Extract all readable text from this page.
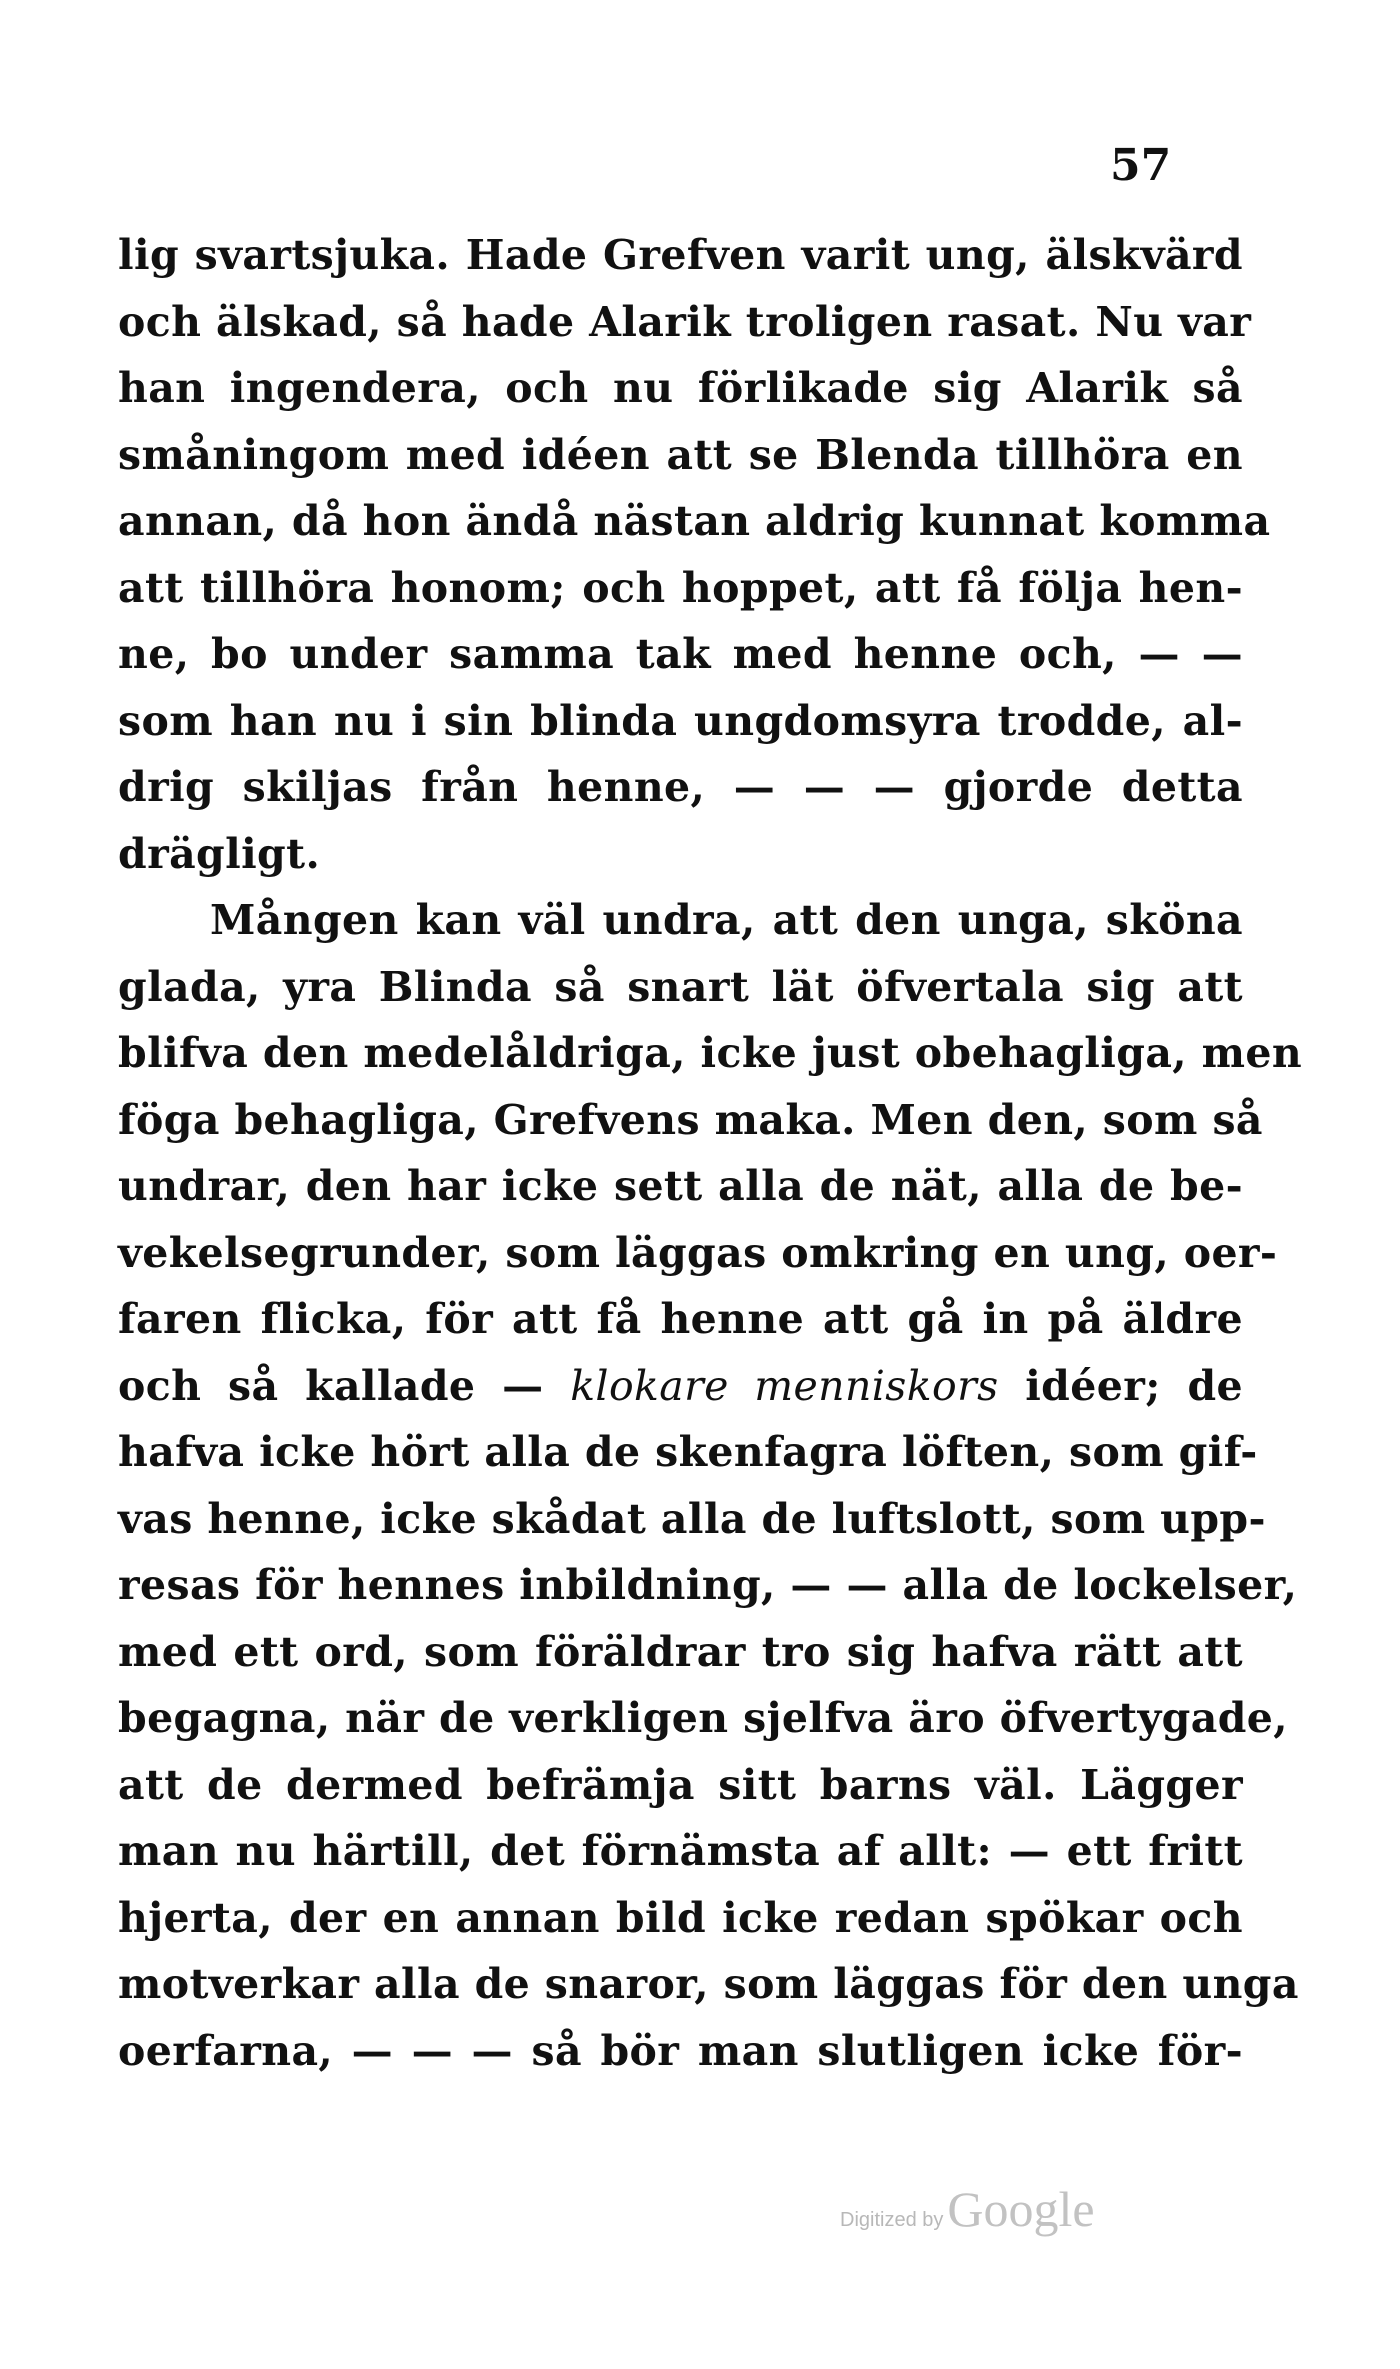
57
lig svartsjuka. Hade Grefven varit ung, älskvärd
och älskad, så hade Alarik troligen rasat. Nu var
han ingendera, och nu förlikade sig Alarik så
småningom med idéen att se Blenda tillhöra en
annan, då hon ändå nästan aldrig kunnat komma
att tillhöra honom; och hoppet, att få följa hen-
ne, bo under samma tak med henne och, — —
som han nu i sin blinda ungdomsyra trodde, al-
drig skiljas från henne, — — — gjorde detta
drägligt.
Mången kan väl undra, att den unga, sköna
glada, yra Blinda så snart lät öfvertala sig att
blifva den medelåldriga, icke just obehagliga, men
föga behagliga, Grefvens maka. Men den, som så
undrar, den har icke sett alla de nät, alla de be-
vekelsegrunder, som läggas omkring en ung, oer-
faren flicka, för att få henne att gå in på äldre
och så kallade — klokare menniskors idéer; de
hafva icke hört alla de skenfagra löften, som gif-
vas henne, icke skådat alla de luftslott, som upp-
resas för hennes inbildning, — — alla de lockelser,
med ett ord, som föräldrar tro sig hafva rätt att
begagna, när de verkligen sjelfva äro öfvertygade,
att de dermed befrämja sitt barns väl. Lägger
man nu härtill, det förnämsta af allt: — ett fritt
hjerta, der en annan bild icke redan spökar och
motverkar alla de snaror, som läggas för den unga
oerfarna, — — — så bör man slutligen icke för-
Digitized by Google
